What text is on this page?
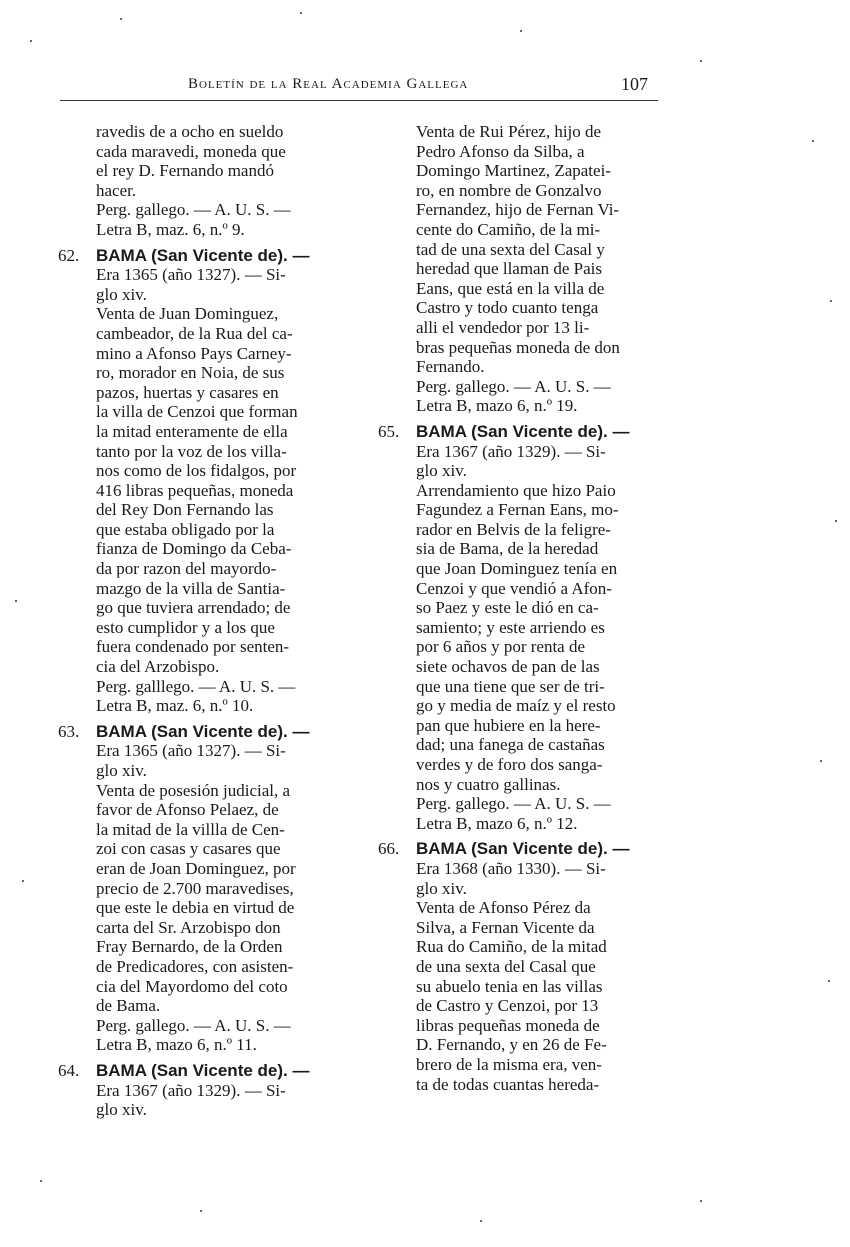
Boletín de la Real Academia Gallega	107
ravedis de a ocho en sueldo
cada maravedi, moneda que
el rey D. Fernando mandó
hacer.
Perg. gallego. — A. U. S. —
Letra B, maz. 6, n.º 9.
62. BAMA (San Vicente de). —
Era 1365 (año 1327). — Si-
glo xiv.
Venta de Juan Dominguez,
cambeador, de la Rua del ca-
mino a Afonso Pays Carney-
ro, morador en Noia, de sus
pazos, huertas y casares en
la villa de Cenzoi que forman
la mitad enteramente de ella
tanto por la voz de los villa-
nos como de los fidalgos, por
416 libras pequeñas, moneda
del Rey Don Fernando las
que estaba obligado por la
fianza de Domingo da Ceba-
da por razon del mayordo-
mazgo de la villa de Santia-
go que tuviera arrendado; de
esto cumplidor y a los que
fuera condenado por senten-
cia del Arzobispo.
Perg. galllego. — A. U. S. —
Letra B, maz. 6, n.º 10.
63. BAMA (San Vicente de). —
Era 1365 (año 1327). — Si-
glo xiv.
Venta de posesión judicial, a
favor de Afonso Pelaez, de
la mitad de la villla de Cen-
zoi con casas y casares que
eran de Joan Dominguez, por
precio de 2.700 maravedises,
que este le debia en virtud de
carta del Sr. Arzobispo don
Fray Bernardo, de la Orden
de Predicadores, con asisten-
cia del Mayordomo del coto
de Bama.
Perg. gallego. — A. U. S. —
Letra B, mazo 6, n.º 11.
64. BAMA (San Vicente de). —
Era 1367 (año 1329). — Si-
glo xiv.
Venta de Rui Pérez, hijo de
Pedro Afonso da Silba, a
Domingo Martinez, Zapatei-
ro, en nombre de Gonzalvo
Fernandez, hijo de Fernan Vi-
cente do Camiño, de la mi-
tad de una sexta del Casal y
heredad que llaman de Pais
Eans, que está en la villa de
Castro y todo cuanto tenga
alli el vendedor por 13 li-
bras pequeñas moneda de don
Fernando.
Perg. gallego. — A. U. S. —
Letra B, mazo 6, n.º 19.
65. BAMA (San Vicente de). —
Era 1367 (año 1329). — Si-
glo xiv.
Arrendamiento que hizo Paio
Fagundez a Fernan Eans, mo-
rador en Belvis de la feligre-
sia de Bama, de la heredad
que Joan Dominguez tenía en
Cenzoi y que vendió a Afon-
so Paez y este le dió en ca-
samiento; y este arriendo es
por 6 años y por renta de
siete ochavos de pan de las
que una tiene que ser de tri-
go y media de maíz y el resto
pan que hubiere en la here-
dad; una fanega de castañas
verdes y de foro dos sanga-
nos y cuatro gallinas.
Perg. gallego. — A. U. S. —
Letra B, mazo 6, n.º 12.
66. BAMA (San Vicente de). —
Era 1368 (año 1330). — Si-
glo xiv.
Venta de Afonso Pérez da
Silva, a Fernan Vicente da
Rua do Camiño, de la mitad
de una sexta del Casal que
su abuelo tenia en las villas
de Castro y Cenzoi, por 13
libras pequeñas moneda de
D. Fernando, y en 26 de Fe-
brero de la misma era, ven-
ta de todas cuantas hereda-
